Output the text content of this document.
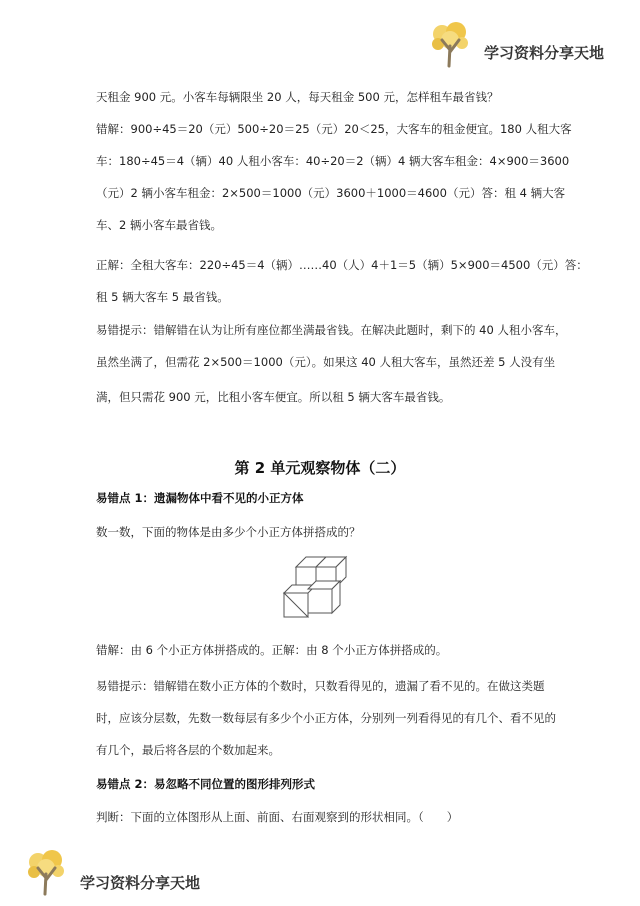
学习资料分享天地
天租金 900 元。小客车每辆限坐 20 人，每天租金 500 元，怎样租车最省钱？
错解：900÷45＝20（元）500÷20＝25（元）20＜25，大客车的租金便宜。180 人租大客
车：180÷45＝4（辆）40 人租小客车：40÷20＝2（辆）4 辆大客车租金：4×900＝3600
（元）2 辆小客车租金：2×500＝1000（元）3600＋1000＝4600（元）答：租 4 辆大客
车、2 辆小客车最省钱。
正解：全租大客车：220÷45＝4（辆）……40（人）4＋1＝5（辆）5×900＝4500（元）答：
租 5 辆大客车 5 最省钱。
易错提示：错解错在认为让所有座位都坐满最省钱。在解决此题时，剩下的 40 人租小客车，
虽然坐满了，但需花 2×500＝1000（元）。如果这 40 人租大客车，虽然还差 5 人没有坐
满，但只需花 900 元，比租小客车便宜。所以租 5 辆大客车最省钱。
第 2 单元观察物体（二）
易错点 1：遗漏物体中看不见的小正方体
数一数，下面的物体是由多少个小正方体拼搭成的？
错解：由 6 个小正方体拼搭成的。正解：由 8 个小正方体拼搭成的。
易错提示：错解错在数小正方体的个数时，只数看得见的，遗漏了看不见的。在做这类题
时，应该分层数，先数一数每层有多少个小正方体，分别列一列看得见的有几个、看不见的
有几个，最后将各层的个数加起来。
易错点 2：易忽略不同位置的图形排列形式
判断：下面的立体图形从上面、前面、右面观察到的形状相同。（　　）
学习资料分享天地
